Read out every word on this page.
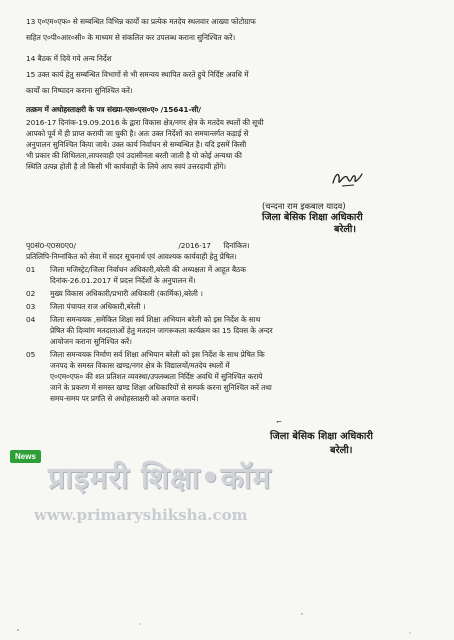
13 ए०एम०एफ० से सम्बन्धित विभिन्न कार्यों का प्रत्येक मतदेय स्थलवार आख्या फोटोग्राफ
सहित ए०पी०आर०सी० के माध्यम से संकलित कर उपलब्ध कराना सुनिश्चित करें।
14 बैठक में दिये गये अन्य निर्देश
15 उक्त कार्य हेतु सम्बन्धित विभागों से भी समन्वय स्थापित करते हुये निर्दिष्ट अवधि में
कार्यों का निष्पादन कराना सुनिश्चित करें।
तत्क्रम में अधोहस्ताक्षरी के पत्र संख्या-एस०एस०ए० /15641-सी/
2016-17 दिनांक-19.09.2016 के द्वारा विकास क्षेत्र/नगर क्षेत्र के मतदेय स्थलों की सूची
आपको पूर्व में ही प्राप्त करायी जा चुकी है। अतः उक्त निर्देशों का समयान्तर्गत कड़ाई से
अनुपालन सुनिश्चित किया जाये। उक्त कार्य निर्वाचन से सम्बन्धित है। यदि इसमें किसी
भी प्रकार की शिथिलता,लापरवाही एवं उदासीनता बरती जाती है यो कोई अन्यथा की
स्थिति उत्पन्न होती है तो किसी भी कार्यवाही के लिये आप स्वयं उत्तरदायी होंगे।
(चन्दना राम इकबाल यादव)
जिला बेसिक शिक्षा अधिकारी
बरेली।
पृ0सं0-ए0स0ए0/	/2016-17 दिनांकित।
प्रतिलिपि-निम्नांकित को सेवा में सादर सूचनार्थ एवं आवश्यक कार्यवाही हेतु प्रेषित।
01 जिला मजिस्ट्रेट/जिला निर्वाचन अधिकारी,बरेली की अध्यक्षता में आहूत बैठक
दिनांक-26.01.2017 में प्रदत्त निर्देशों के अनुपालन में।
02 मुख्य विकास अधिकारी/प्रभारी अधिकारी (कार्मिक),बरेली ।
03 जिला पंचायत राज अधिकारी,बरेली ।
04 जिला समन्वयक ,समेकित शिक्षा सर्व शिक्षा अभियान बरेली को इस निर्देश के साथ
प्रेषित की दिव्यांग मतदाताओं हेतु मतदान जागरूकता कार्यक्रम का 15 दिवस के अन्दर
आयोजन कराना सुनिश्चित करें।
05 जिला समन्वयक निर्माण सर्व शिक्षा अभियान बरेली को इस निर्देश के साथ प्रेषित कि
जनपद के समस्त विकास खण्ड/नगर क्षेत्र के विद्यालयों/मतदेय स्थलों में
ए०एम०एफ० की शत प्रतिशत व्यवस्था/उपलब्धता निर्दिष्ट अवधि में सुनिश्चित कराये
जाने के प्रकरण में समस्त खण्ड शिक्षा अधिकारियों से सम्पर्क करना सुनिश्चित करें तथा
समय-समय पर प्रगति से अधोहस्ताक्षरी को अवगत करायें।
⌐
जिला बेसिक शिक्षा अधिकारी
बरेली।
News
प्राइमरी शिक्षा•कॉम
www.primaryshiksha.com
